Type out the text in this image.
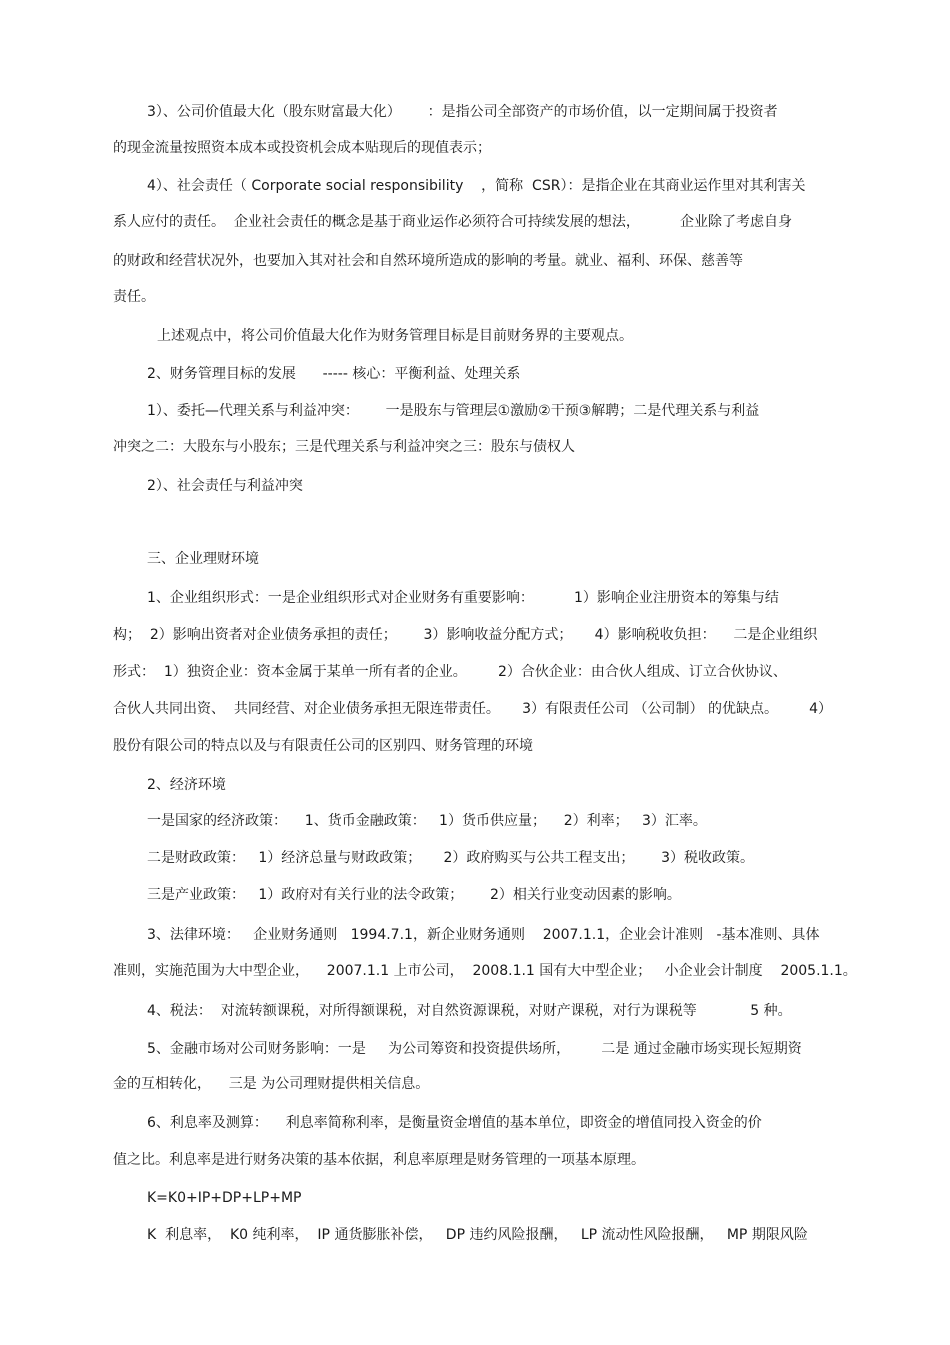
3）、公司价值最大化（股东财富最大化）      ：是指公司全部资产的市场价值，以一定期间属于投资者

的现金流量按照资本成本或投资机会成本贴现后的现值表示；

4）、社会责任（ Corporate social responsibility    ，简称  CSR）：是指企业在其商业运作里对其利害关

系人应付的责任。  企业社会责任的概念是基于商业运作必须符合可持续发展的想法，         企业除了考虑自身

的财政和经营状况外，也要加入其对社会和自然环境所造成的影响的考量。就业、福利、环保、慈善等

责任。

上述观点中，将公司价值最大化作为财务管理目标是目前财务界的主要观点。

2、财务管理目标的发展      ----- 核心：平衡利益、处理关系

1）、委托—代理关系与利益冲突：      一是股东与管理层①激励②干预③解聘；二是代理关系与利益

冲突之二：大股东与小股东；三是代理关系与利益冲突之三：股东与债权人

2）、社会责任与利益冲突

三、企业理财环境

1、企业组织形式：一是企业组织形式对企业财务有重要影响：         1）影响企业注册资本的筹集与结

构；  2）影响出资者对企业债务承担的责任；      3）影响收益分配方式；     4）影响税收负担：    二是企业组织

形式：  1）独资企业：资本金属于某单一所有者的企业。       2）合伙企业：由合伙人组成、订立合伙协议、

合伙人共同出资、  共同经营、对企业债务承担无限连带责任。     3）有限责任公司 （公司制） 的优缺点。       4）

股份有限公司的特点以及与有限责任公司的区别四、财务管理的环境

2、经济环境

一是国家的经济政策：    1、货币金融政策：   1）货币供应量；    2）利率；   3）汇率。

二是财政政策：   1）经济总量与财政政策；     2）政府购买与公共工程支出；      3）税收政策。

三是产业政策：   1）政府对有关行业的法令政策；      2）相关行业变动因素的影响。

3、法律环境：   企业财务通则   1994.7.1，新企业财务通则    2007.1.1，企业会计准则   -基本准则、具体

准则，实施范围为大中型企业，    2007.1.1 上市公司，  2008.1.1 国有大中型企业；   小企业会计制度    2005.1.1。

4、税法：  对流转额课税，对所得额课税，对自然资源课税，对财产课税，对行为课税等            5 种。

5、金融市场对公司财务影响：一是     为公司筹资和投资提供场所，       二是 通过金融市场实现长短期资

金的互相转化，    三是 为公司理财提供相关信息。

6、利息率及测算：    利息率简称利率，是衡量资金增值的基本单位，即资金的增值同投入资金的价

值之比。利息率是进行财务决策的基本依据，利息率原理是财务管理的一项基本原理。

K=K0+IP+DP+LP+MP

K  利息率，  K0 纯利率，  IP 通货膨胀补偿，   DP 违约风险报酬，   LP 流动性风险报酬，   MP 期限风险
